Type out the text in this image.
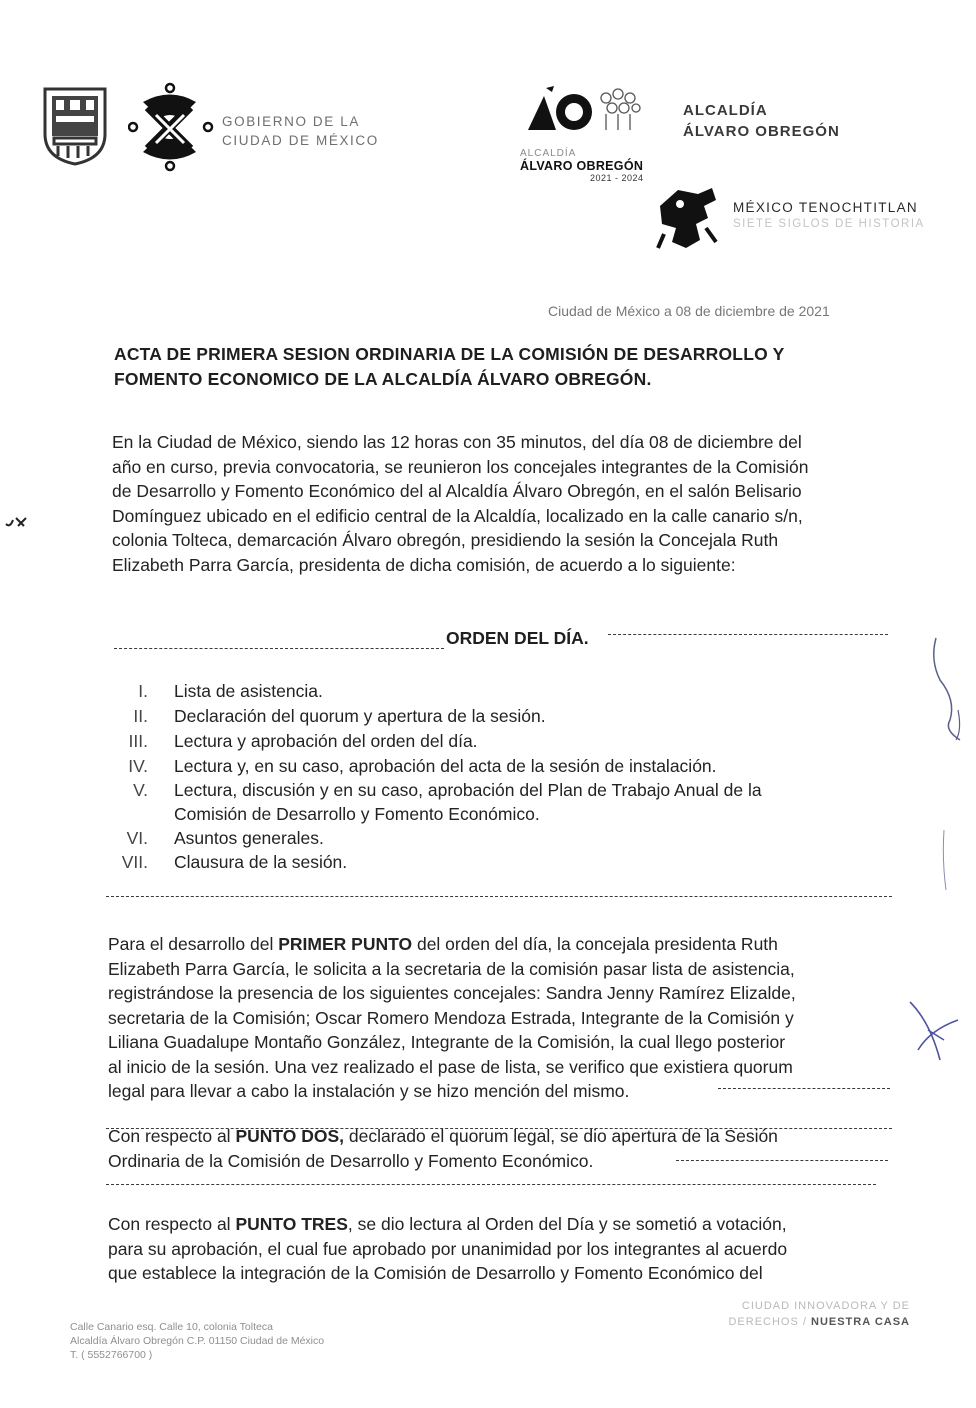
GOBIERNO DE LA
CIUDAD DE MÉXICO
ALCALDÍA
ÁLVARO OBREGÓN
2021 - 2024
ALCALDÍA
ÁLVARO OBREGÓN
MÉXICO TENOCHTITLAN
SIETE SIGLOS DE HISTORIA
Ciudad de México a 08 de diciembre de 2021
ACTA DE PRIMERA SESION ORDINARIA DE LA COMISIÓN DE DESARROLLO Y
FOMENTO ECONOMICO DE LA ALCALDÍA ÁLVARO OBREGÓN.
En la Ciudad de México, siendo las 12 horas con 35 minutos, del día 08 de diciembre del
año en curso, previa convocatoria, se reunieron los concejales integrantes de la Comisión
de Desarrollo y Fomento Económico del al Alcaldía Álvaro Obregón, en el salón Belisario
Domínguez ubicado en el edificio central de la Alcaldía, localizado en la calle canario s/n,
colonia Tolteca, demarcación Álvaro obregón, presidiendo la sesión la Concejala Ruth
Elizabeth Parra García, presidenta de dicha comisión, de acuerdo a lo siguiente:
ORDEN DEL DÍA.
I. Lista de asistencia.
II. Declaración del quorum y apertura de la sesión.
III. Lectura y aprobación del orden del día.
IV. Lectura y, en su caso, aprobación del acta de la sesión de instalación.
V. Lectura, discusión y en su caso, aprobación del Plan de Trabajo Anual de la
Comisión de Desarrollo y Fomento Económico.
VI. Asuntos generales.
VII. Clausura de la sesión.
Para el desarrollo del PRIMER PUNTO del orden del día, la concejala presidenta Ruth
Elizabeth Parra García, le solicita a la secretaria de la comisión pasar lista de asistencia,
registrándose la presencia de los siguientes concejales: Sandra Jenny Ramírez Elizalde,
secretaria de la Comisión; Oscar Romero Mendoza Estrada, Integrante de la Comisión y
Liliana Guadalupe Montaño González, Integrante de la Comisión, la cual llego posterior
al inicio de la sesión. Una vez realizado el pase de lista, se verifico que existiera quorum
legal para llevar a cabo la instalación y se hizo mención del mismo.
Con respecto al PUNTO DOS, declarado el quorum legal, se dio apertura de la Sesión
Ordinaria de la Comisión de Desarrollo y Fomento Económico.
Con respecto al PUNTO TRES, se dio lectura al Orden del Día y se sometió a votación,
para su aprobación, el cual fue aprobado por unanimidad por los integrantes al acuerdo
que establece la integración de la Comisión de Desarrollo y Fomento Económico del
Calle Canario esq. Calle 10, colonia Tolteca
Alcaldía Álvaro Obregón C.P. 01150 Ciudad de México
T. ( 5552766700 )
CIUDAD INNOVADORA Y DE
DERECHOS / NUESTRA CASA
